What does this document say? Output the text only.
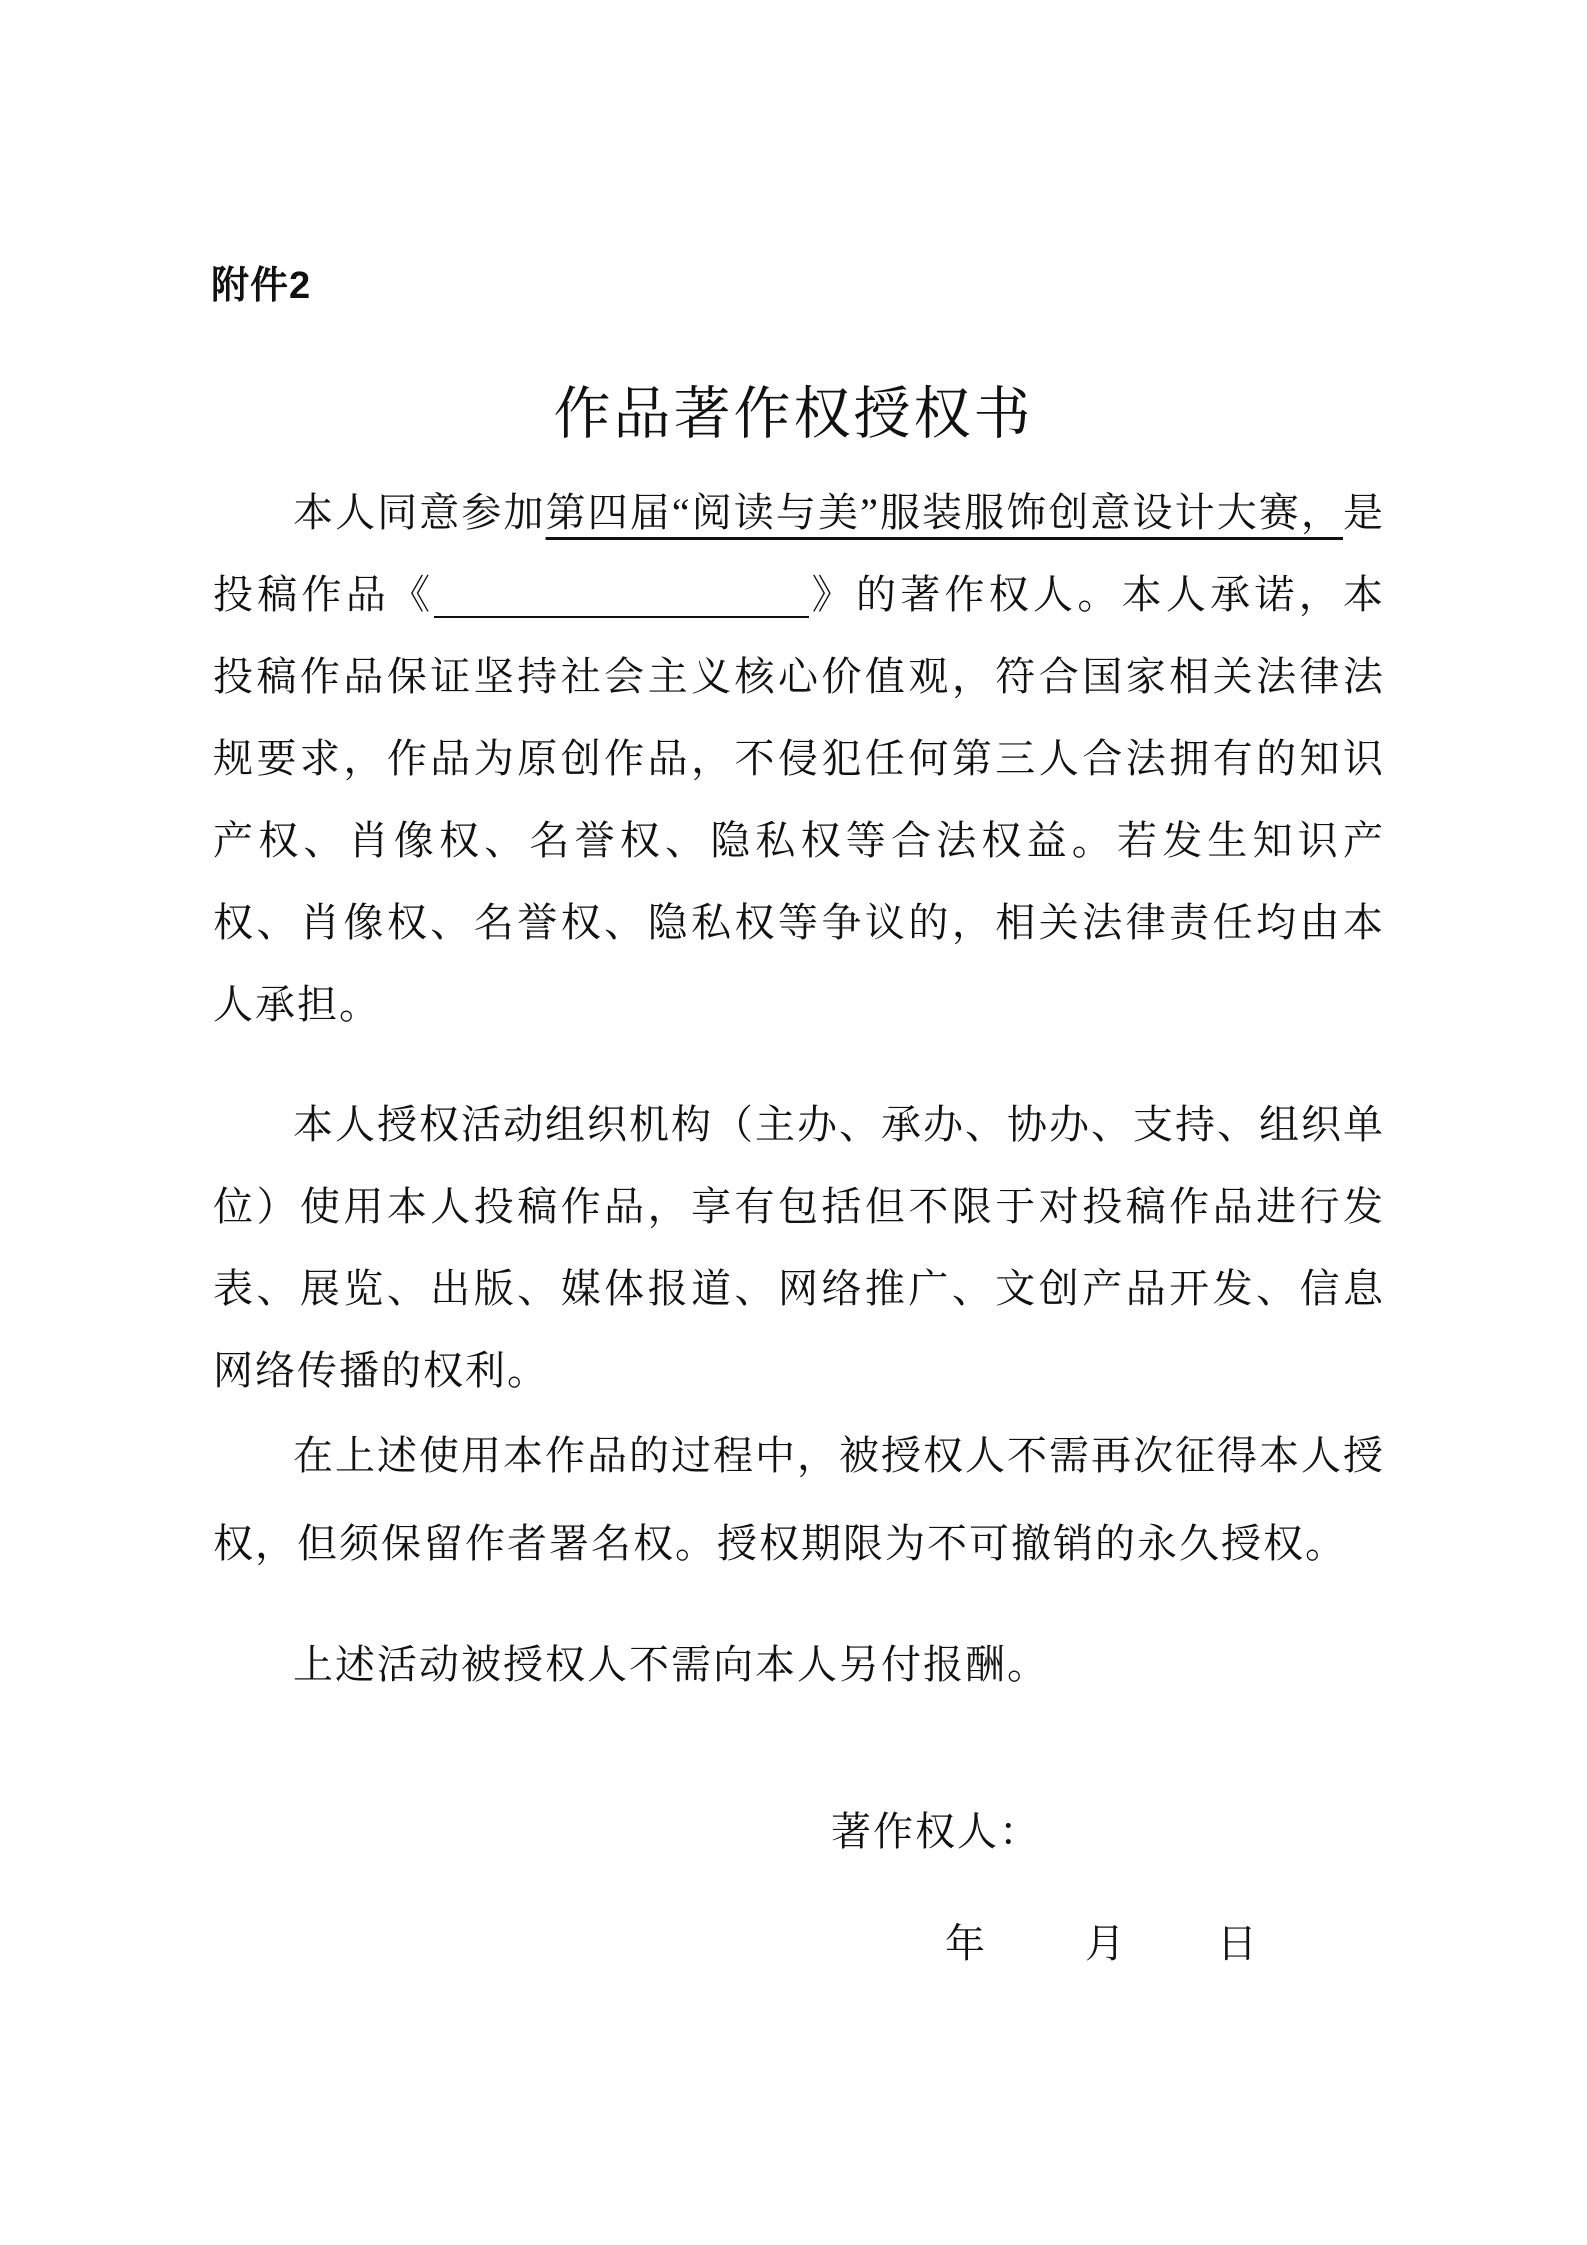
附件2
作品著作权授权书

本人同意参加第四届“阅读与美”服装服饰创意设计大赛，是投稿作品《	》的著作权人。本人承诺，本投稿作品保证坚持社会主义核心价值观，符合国家相关法律法规要求，作品为原创作品，不侵犯任何第三人合法拥有的知识产权、肖像权、名誉权、隐私权等合法权益。若发生知识产权、肖像权、名誉权、隐私权等争议的，相关法律责任均由本人承担。

本人授权活动组织机构（主办、承办、协办、支持、组织单位）使用本人投稿作品，享有包括但不限于对投稿作品进行发表、展览、出版、媒体报道、网络推广、文创产品开发、信息网络传播的权利。

在上述使用本作品的过程中，被授权人不需再次征得本人授权，但须保留作者署名权。授权期限为不可撤销的永久授权。

上述活动被授权人不需向本人另付报酬。

著作权人：
年	月 日
